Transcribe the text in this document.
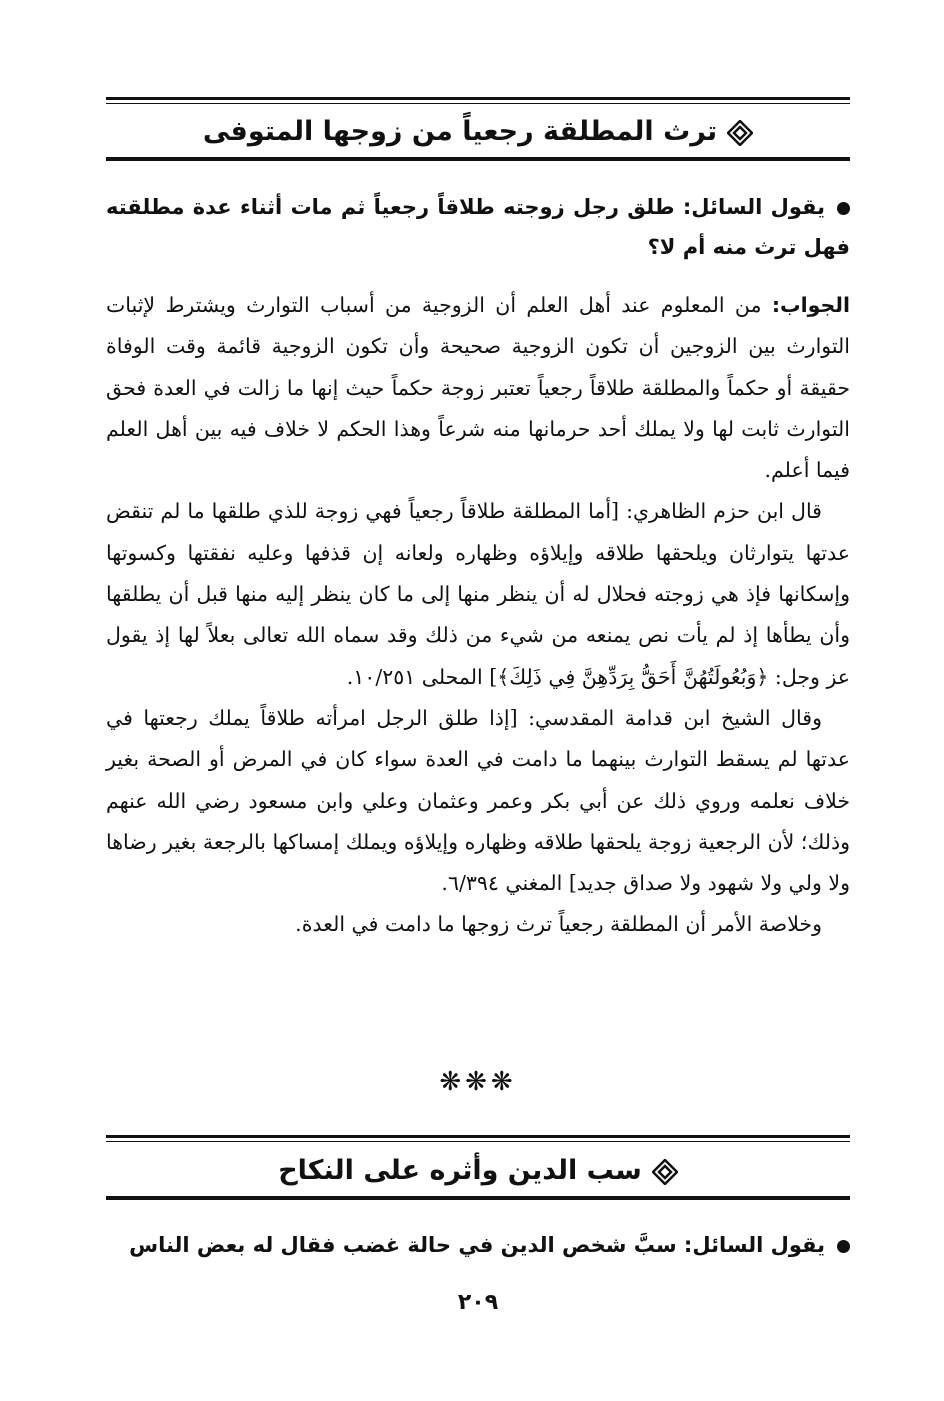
ترث المطلقة رجعياً من زوجها المتوفى
يقول السائل: طلق رجل زوجته طلاقاً رجعياً ثم مات أثناء عدة مطلقته فهل ترث منه أم لا؟

الجواب: من المعلوم عند أهل العلم أن الزوجية من أسباب التوارث ويشترط لإثبات التوارث بين الزوجين أن تكون الزوجية صحيحة وأن تكون الزوجية قائمة وقت الوفاة حقيقة أو حكماً والمطلقة طلاقاً رجعياً تعتبر زوجة حكماً حيث إنها ما زالت في العدة فحق التوارث ثابت لها ولا يملك أحد حرمانها منه شرعاً وهذا الحكم لا خلاف فيه بين أهل العلم فيما أعلم.

قال ابن حزم الظاهري: [أما المطلقة طلاقاً رجعياً فهي زوجة للذي طلقها ما لم تنقض عدتها يتوارثان ويلحقها طلاقه وإيلاؤه وظهاره ولعانه إن قذفها وعليه نفقتها وكسوتها وإسكانها فإذ هي زوجته فحلال له أن ينظر منها إلى ما كان ينظر إليه منها قبل أن يطلقها وأن يطأها إذ لم يأت نص يمنعه من شيء من ذلك وقد سماه الله تعالى بعلاً لها إذ يقول عز وجل: ﴿وَبُعُولَتُهُنَّ أَحَقُّ بِرَدِّهِنَّ فِي ذَلِكَ﴾] المحلى ١٠/٢٥١.

وقال الشيخ ابن قدامة المقدسي: [إذا طلق الرجل امرأته طلاقاً يملك رجعتها في عدتها لم يسقط التوارث بينهما ما دامت في العدة سواء كان في المرض أو الصحة بغير خلاف نعلمه وروي ذلك عن أبي بكر وعمر وعثمان وعلي وابن مسعود رضي الله عنهم وذلك؛ لأن الرجعية زوجة يلحقها طلاقه وظهاره وإيلاؤه ويملك إمساكها بالرجعة بغير رضاها ولا ولي ولا شهود ولا صداق جديد] المغني ٦/٣٩٤.

وخلاصة الأمر أن المطلقة رجعياً ترث زوجها ما دامت في العدة.

❋❋❋
سب الدين وأثره على النكاح
يقول السائل: سبَّ شخص الدين في حالة غضب فقال له بعض الناس
٢٠٩
